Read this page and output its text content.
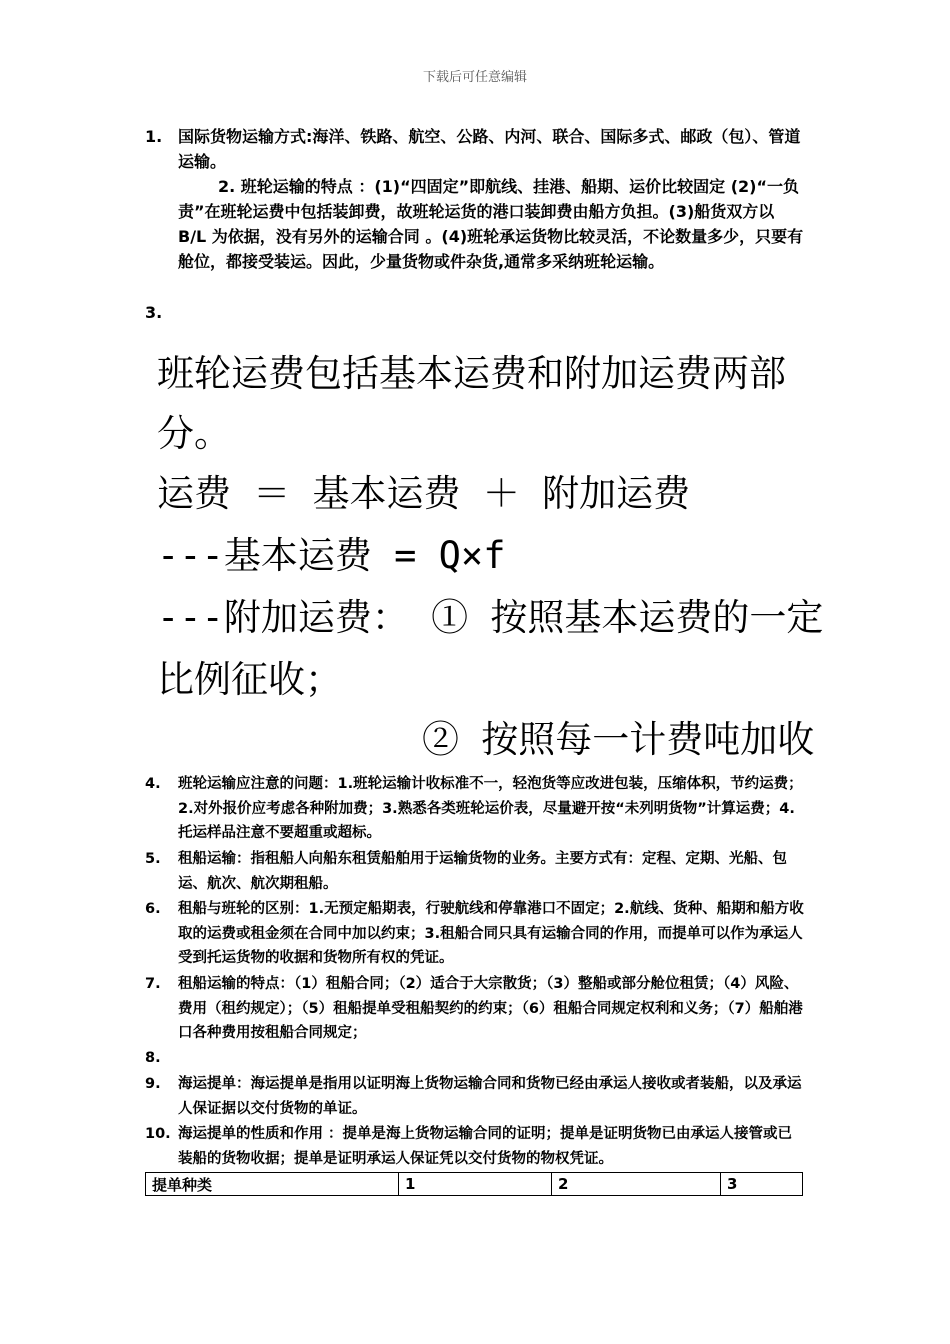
下载后可任意编辑
1. 国际货物运输方式:海洋、铁路、航空、公路、内河、联合、国际多式、邮政（包）、管道运输。
2. 班轮运输的特点 ：(1)“四固定”即航线、挂港、船期、运价比较固定 (2)“一负责”在班轮运费中包括装卸费，故班轮运货的港口装卸费由船方负担。(3)船货双方以 B/L 为依据，没有另外的运输合同 。(4)班轮承运货物比较灵活，不论数量多少，只要有舱位，都接受装运。因此，少量货物或件杂货,通常多采纳班轮运输。
3.
班轮运费包括基本运费和附加运费两部
分。
运费 ＝ 基本运费 ＋ 附加运费
---基本运费 = Q×f
---附加运费： ① 按照基本运费的一定
比例征收；
② 按照每一计费吨加收
4. 班轮运输应注意的问题：1.班轮运输计收标准不一，轻泡货等应改进包装，压缩体积，节约运费；2.对外报价应考虑各种附加费；3.熟悉各类班轮运价表，尽量避开按“未列明货物”计算运费；4.托运样品注意不要超重或超标。
5. 租船运输：指租船人向船东租赁船舶用于运输货物的业务。主要方式有：定程、定期、光船、包运、航次、航次期租船。
6. 租船与班轮的区别：1.无预定船期表，行驶航线和停靠港口不固定；2.航线、货种、船期和船方收取的运费或租金须在合同中加以约束；3.租船合同只具有运输合同的作用，而提单可以作为承运人受到托运货物的收据和货物所有权的凭证。
7. 租船运输的特点：（1）租船合同；（2）适合于大宗散货；（3）整船或部分舱位租赁；（4）风险、费用（租约规定）；（5）租船提单受租船契约的约束；（6）租船合同规定权利和义务；（7）船舶港口各种费用按租船合同规定；
8.
9. 海运提单：海运提单是指用以证明海上货物运输合同和货物已经由承运人接收或者装船，以及承运人保证据以交付货物的单证。
10. 海运提单的性质和作用 ：提单是海上货物运输合同的证明；提单是证明货物已由承运人接管或已装船的货物收据；提单是证明承运人保证凭以交付货物的物权凭证。
提单种类	1	2	3
